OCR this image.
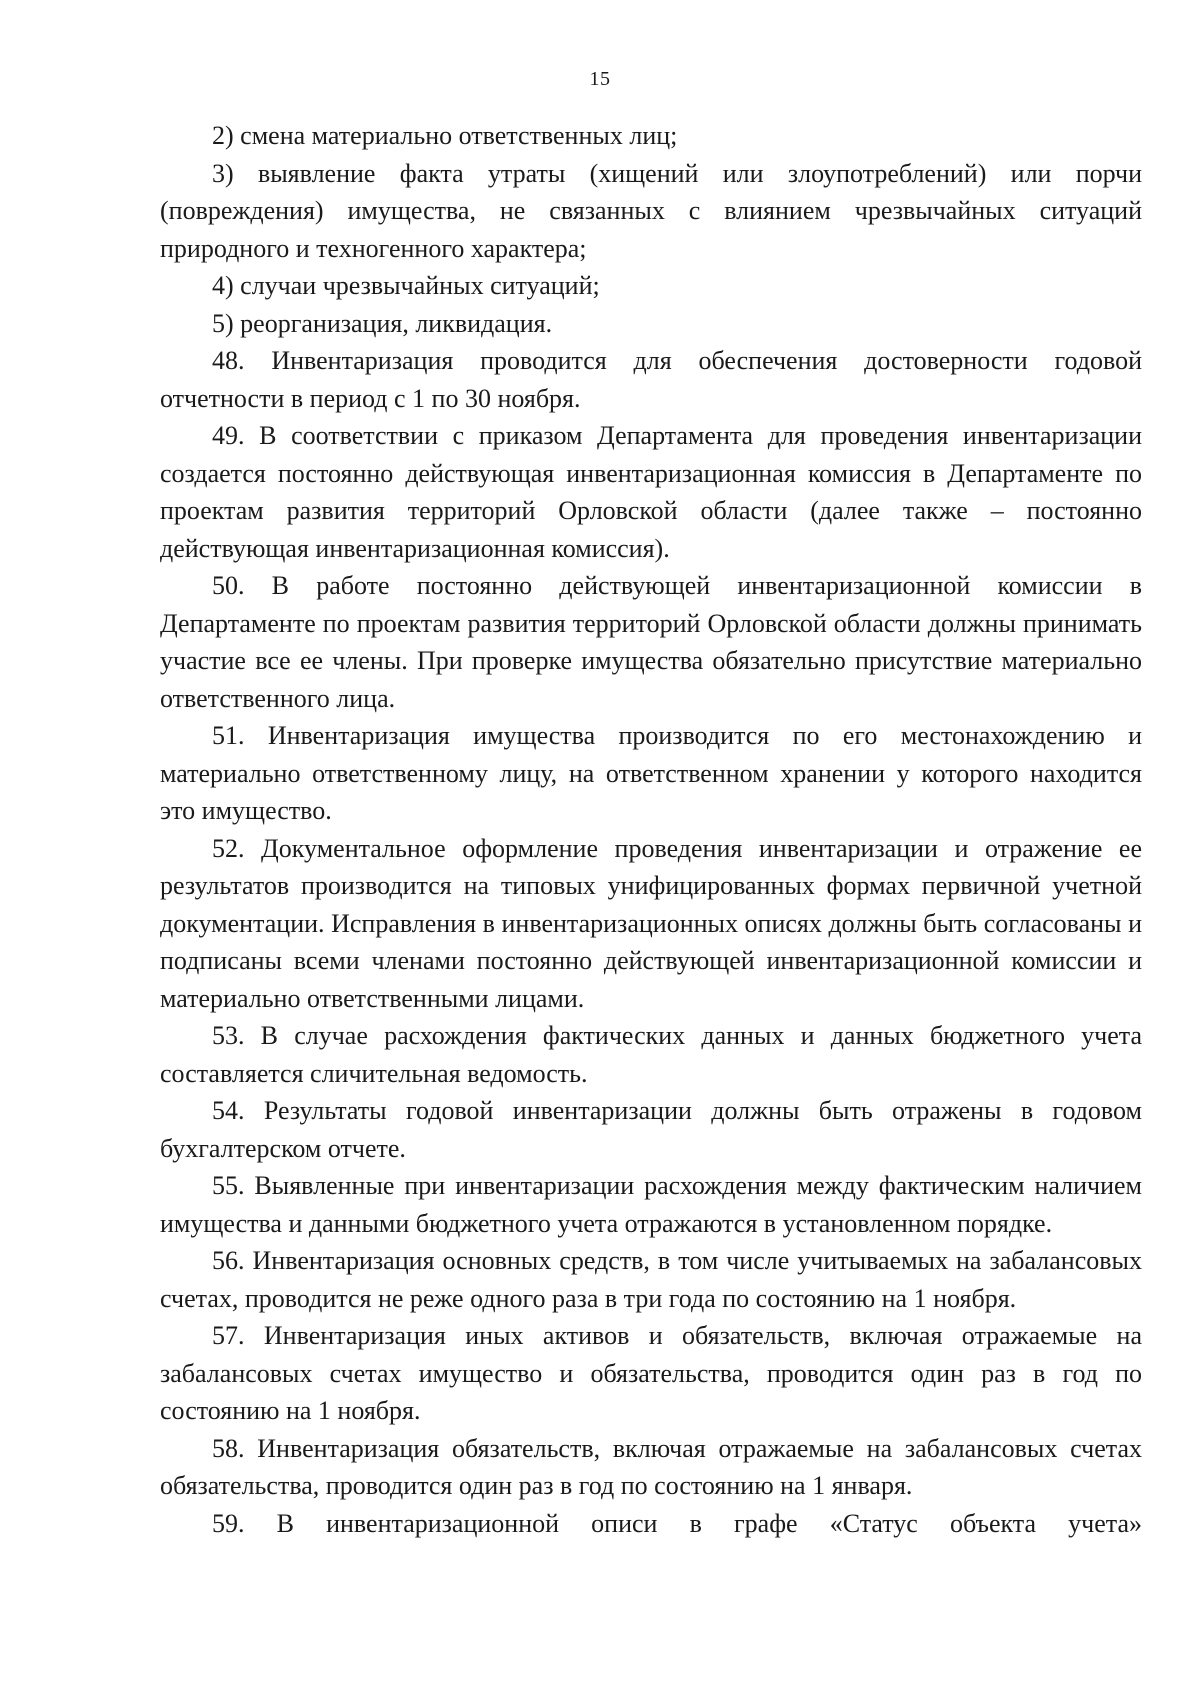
15

2) смена материально ответственных лиц;

3) выявление факта утраты (хищений или злоупотреблений) или порчи (повреждения) имущества, не связанных с влиянием чрезвычайных ситуаций природного и техногенного характера;

4) случаи чрезвычайных ситуаций;

5) реорганизация, ликвидация.

48. Инвентаризация проводится для обеспечения достоверности годовой отчетности в период с 1 по 30 ноября.

49. В соответствии с приказом Департамента для проведения инвентаризации создается постоянно действующая инвентаризационная комиссия в Департаменте по проектам развития территорий Орловской области (далее также – постоянно действующая инвентаризационная комиссия).

50. В работе постоянно действующей инвентаризационной комиссии в Департаменте по проектам развития территорий Орловской области должны принимать участие все ее члены. При проверке имущества обязательно присутствие материально ответственного лица.

51. Инвентаризация имущества производится по его местонахождению и материально ответственному лицу, на ответственном хранении у которого находится это имущество.

52. Документальное оформление проведения инвентаризации и отражение ее результатов производится на типовых унифицированных формах первичной учетной документации. Исправления в инвентаризационных описях должны быть согласованы и подписаны всеми членами постоянно действующей инвентаризационной комиссии и материально ответственными лицами.

53. В случае расхождения фактических данных и данных бюджетного учета составляется сличительная ведомость.

54. Результаты годовой инвентаризации должны быть отражены в годовом бухгалтерском отчете.

55. Выявленные при инвентаризации расхождения между фактическим наличием имущества и данными бюджетного учета отражаются в установленном порядке.

56. Инвентаризация основных средств, в том числе учитываемых на забалансовых счетах, проводится не реже одного раза в три года по состоянию на 1 ноября.

57. Инвентаризация иных активов и обязательств, включая отражаемые на забалансовых счетах имущество и обязательства, проводится один раз в год по состоянию на 1 ноября.

58. Инвентаризация обязательств, включая отражаемые на забалансовых счетах обязательства, проводится один раз в год по состоянию на 1 января.

59. В инвентаризационной описи в графе «Статус объекта учета»
